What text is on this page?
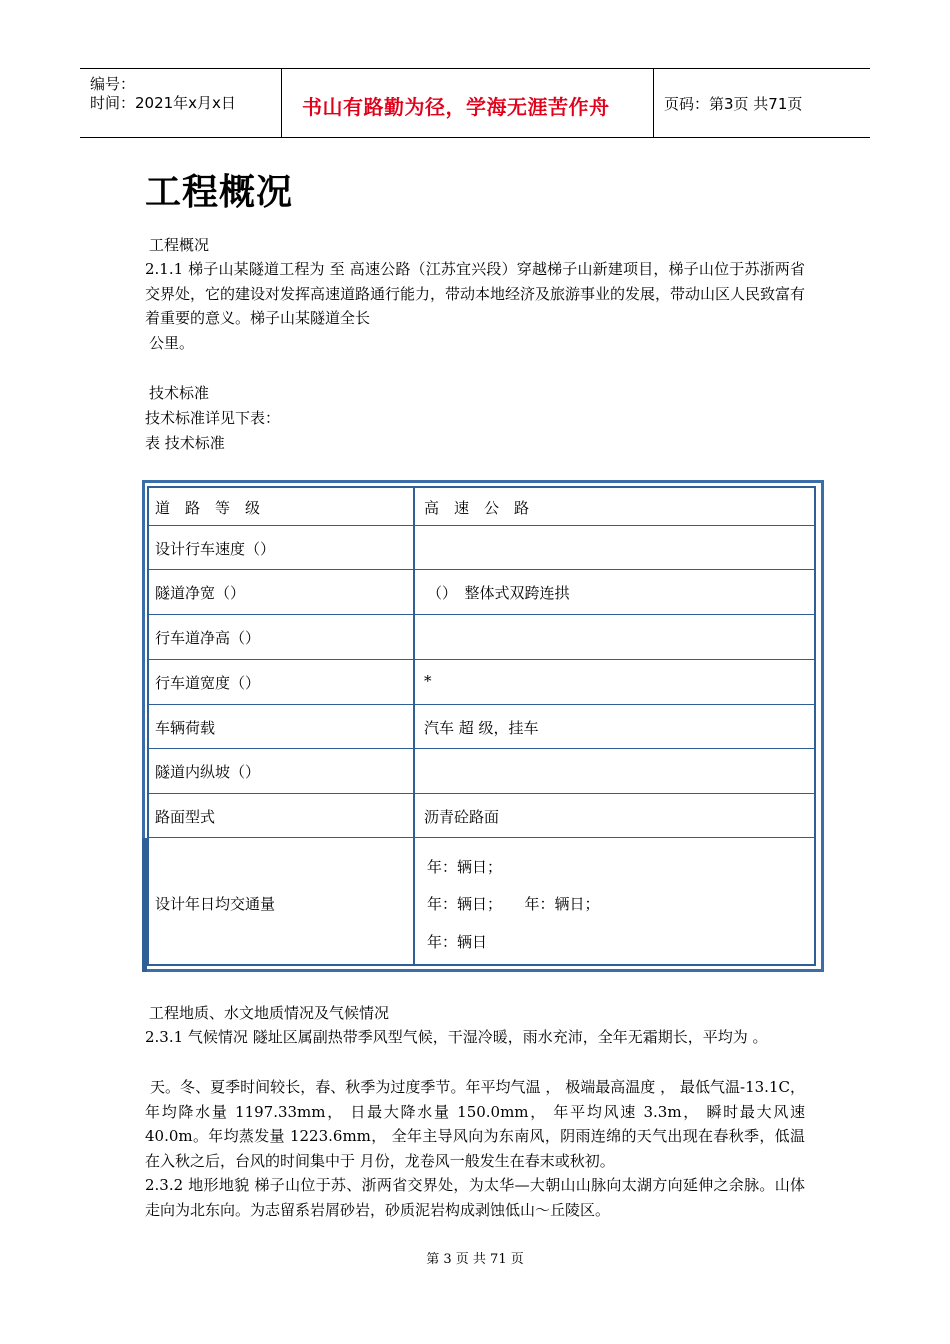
编号：
时间：2021年x月x日	书山有路勤为径，学海无涯苦作舟	页码：第3页 共71页
工程概况
工程概况
2.1.1 梯子山某隧道工程为 至 高速公路（江苏宜兴段）穿越梯子山新建项目，梯子山位于苏浙两省交界处，它的建设对发挥高速道路通行能力，带动本地经济及旅游事业的发展，带动山区人民致富有着重要的意义。梯子山某隧道全长
公里。
技术标准
技术标准详见下表：
表 技术标准
道　路　等　级	高　速　公　路
设计行车速度（）
隧道净宽（）	（）　整体式双跨连拱
行车道净高（）
行车道宽度（）	*
车辆荷载	汽车 超 级，挂车
隧道内纵坡（）
路面型式	沥青砼路面
设计年日均交通量
年：辆日；
年：辆日；　　年：辆日；
年：辆日
工程地质、水文地质情况及气候情况
2.3.1 气候情况 隧址区属副热带季风型气候，干湿冷暖，雨水充沛，全年无霜期长，平均为 。
天。冬、夏季时间较长，春、秋季为过度季节。年平均气温 ， 极端最高温度 ， 最低气温-13.1C， 年均降水量 1197.33mm， 日最大降水量 150.0mm， 年平均风速 3.3m， 瞬时最大风速 40.0m。年均蒸发量 1223.6mm， 全年主导风向为东南风，阴雨连绵的天气出现在春秋季，低温在入秋之后，台风的时间集中于 月份，龙卷风一般发生在春末或秋初。
2.3.2 地形地貌 梯子山位于苏、浙两省交界处，为太华—大朝山山脉向太湖方向延伸之余脉。山体走向为北东向。为志留系岩屑砂岩，砂质泥岩构成剥蚀低山～丘陵区。
第 3 页 共 71 页
